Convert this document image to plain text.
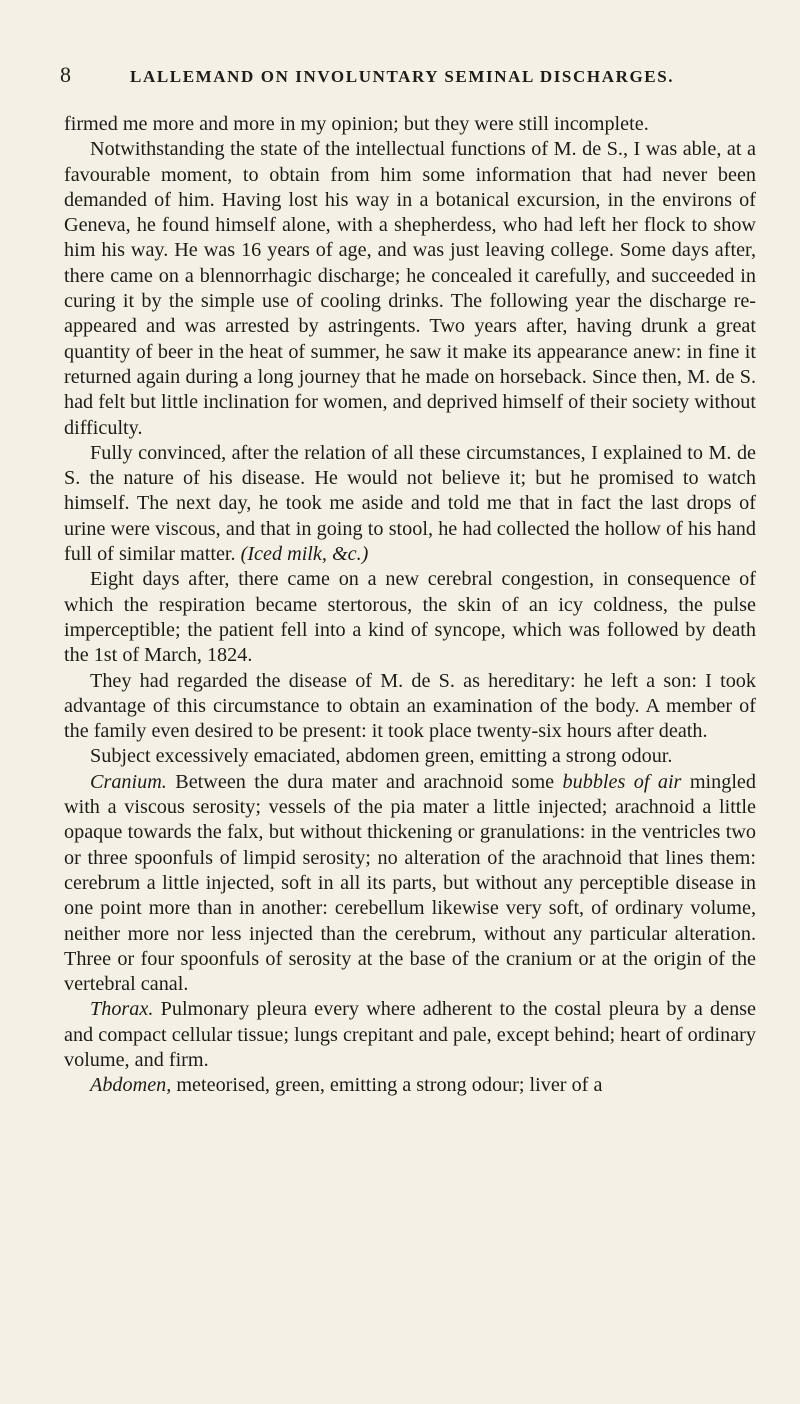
8	LALLEMAND ON INVOLUNTARY SEMINAL DISCHARGES.

firmed me more and more in my opinion; but they were still incomplete.

Notwithstanding the state of the intellectual functions of M. de S., I was able, at a favourable moment, to obtain from him some information that had never been demanded of him. Having lost his way in a botanical excursion, in the environs of Geneva, he found himself alone, with a shepherdess, who had left her flock to show him his way. He was 16 years of age, and was just leaving college. Some days after, there came on a blennorrhagic discharge; he concealed it carefully, and succeeded in curing it by the simple use of cooling drinks. The following year the discharge re-appeared and was arrested by astringents. Two years after, having drunk a great quantity of beer in the heat of summer, he saw it make its appearance anew: in fine it returned again during a long journey that he made on horseback. Since then, M. de S. had felt but little inclination for women, and deprived himself of their society without difficulty.

Fully convinced, after the relation of all these circumstances, I explained to M. de S. the nature of his disease. He would not believe it; but he promised to watch himself. The next day, he took me aside and told me that in fact the last drops of urine were viscous, and that in going to stool, he had collected the hollow of his hand full of similar matter. (Iced milk, &c.)

Eight days after, there came on a new cerebral congestion, in consequence of which the respiration became stertorous, the skin of an icy coldness, the pulse imperceptible; the patient fell into a kind of syncope, which was followed by death the 1st of March, 1824.

They had regarded the disease of M. de S. as hereditary: he left a son: I took advantage of this circumstance to obtain an examination of the body. A member of the family even desired to be present: it took place twenty-six hours after death.

Subject excessively emaciated, abdomen green, emitting a strong odour.

Cranium. Between the dura mater and arachnoid some bubbles of air mingled with a viscous serosity; vessels of the pia mater a little injected; arachnoid a little opaque towards the falx, but without thickening or granulations: in the ventricles two or three spoonfuls of limpid serosity; no alteration of the arachnoid that lines them: cerebrum a little injected, soft in all its parts, but without any perceptible disease in one point more than in another: cerebellum likewise very soft, of ordinary volume, neither more nor less injected than the cerebrum, without any particular alteration. Three or four spoonfuls of serosity at the base of the cranium or at the origin of the vertebral canal.

Thorax. Pulmonary pleura every where adherent to the costal pleura by a dense and compact cellular tissue; lungs crepitant and pale, except behind; heart of ordinary volume, and firm.

Abdomen, meteorised, green, emitting a strong odour; liver of a
